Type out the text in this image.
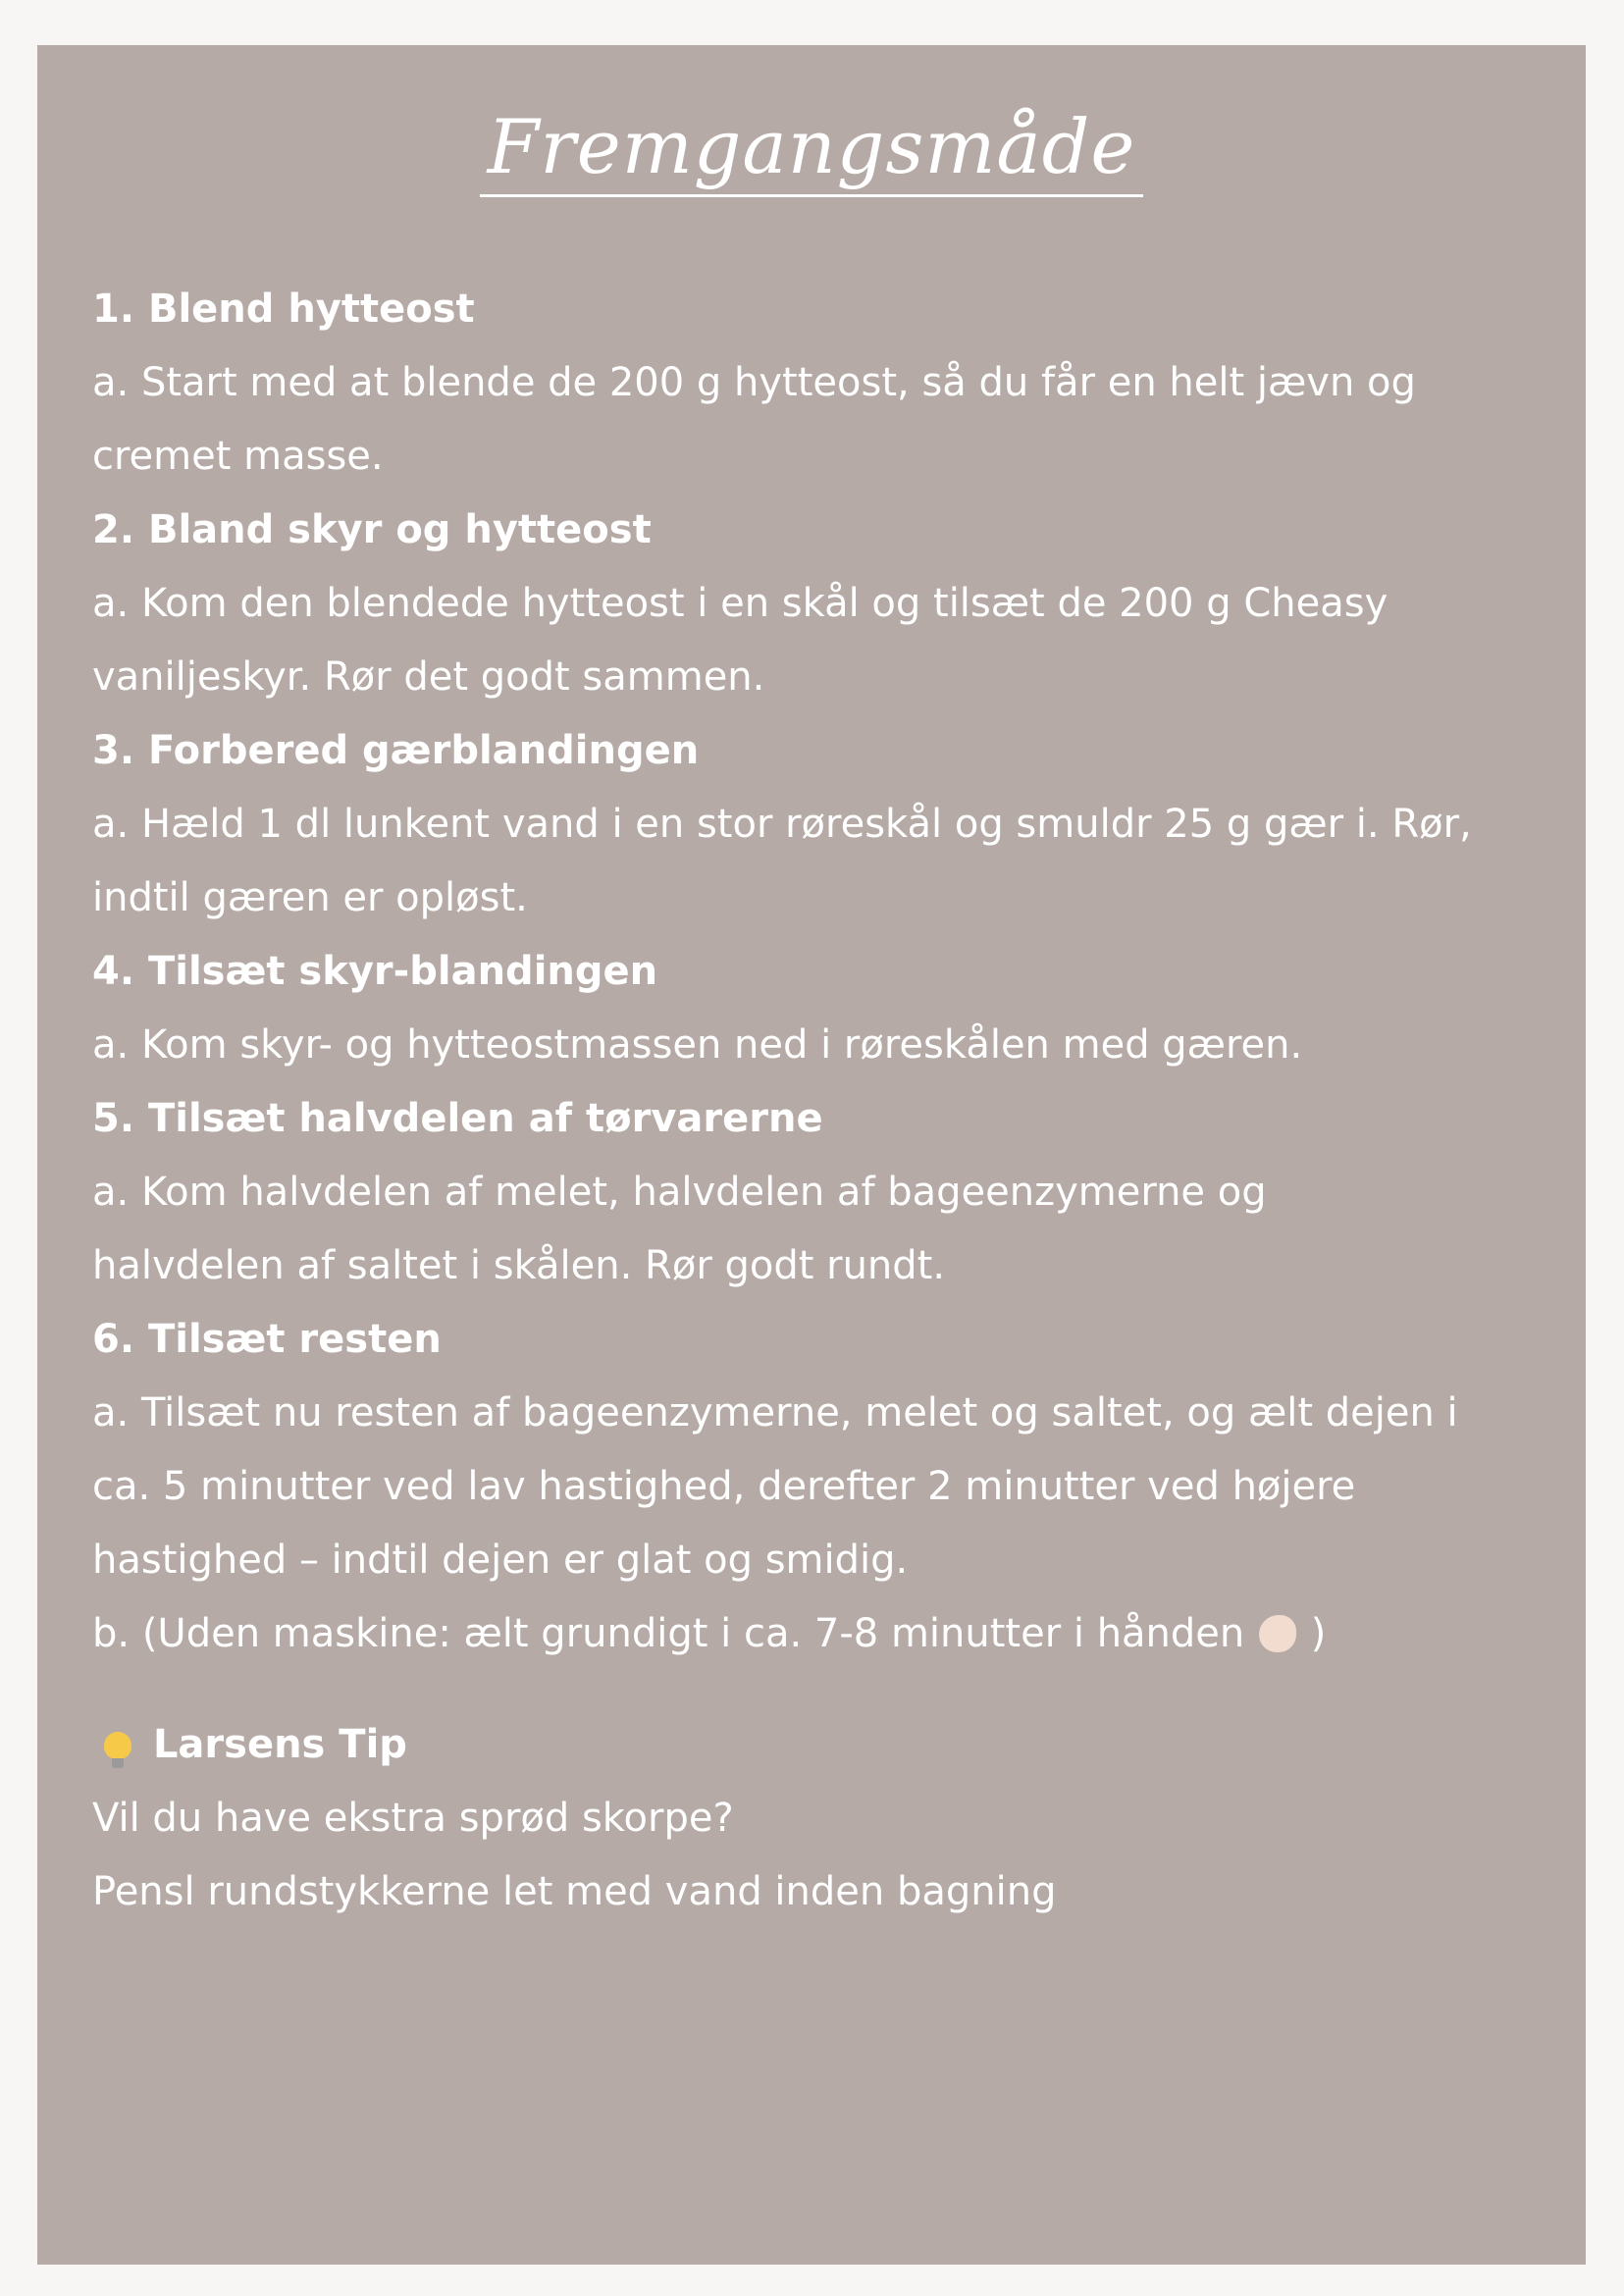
Fremgangsmåde
1. Blend hytteost
a. Start med at blende de 200 g hytteost, så du får en helt jævn og
cremet masse.
2. Bland skyr og hytteost
a. Kom den blendede hytteost i en skål og tilsæt de 200 g Cheasy
vaniljeskyr. Rør det godt sammen.
3. Forbered gærblandingen
a. Hæld 1 dl lunkent vand i en stor røreskål og smuldr 25 g gær i. Rør,
indtil gæren er opløst.
4. Tilsæt skyr-blandingen
a. Kom skyr- og hytteostmassen ned i røreskålen med gæren.
5. Tilsæt halvdelen af tørvarerne
a. Kom halvdelen af melet, halvdelen af bageenzymerne og
halvdelen af saltet i skålen. Rør godt rundt.
6. Tilsæt resten
a. Tilsæt nu resten af bageenzymerne, melet og saltet, og ælt dejen i
ca. 5 minutter ved lav hastighed, derefter 2 minutter ved højere
hastighed – indtil dejen er glat og smidig.
b. (Uden maskine: ælt grundigt i ca. 7-8 minutter i hånden )
Larsens Tip
Vil du have ekstra sprød skorpe?
Pensl rundstykkerne let med vand inden bagning
